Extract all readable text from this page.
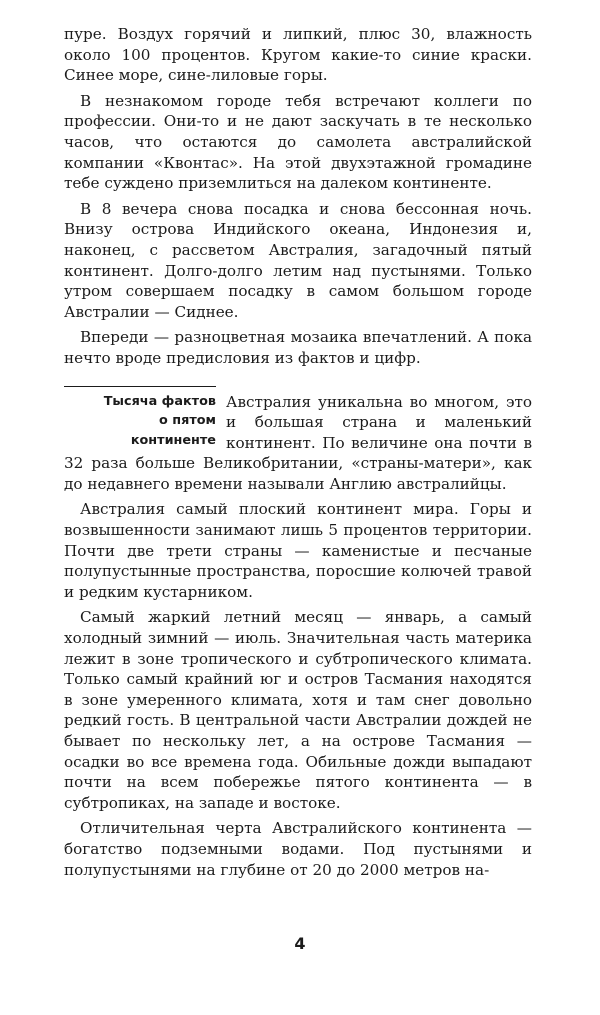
пуре. Воздух горячий и липкий, плюс 30, влажность около 100 процентов. Кругом какие-то синие краски. Синее море, сине-лиловые горы.

В незнакомом городе тебя встречают коллеги по профессии. Они-то и не дают заскучать в те несколько часов, что остаются до самолета австралийской компании «Квонтас». На этой двухэтажной громадине тебе суждено приземлиться на далеком континенте.

В 8 вечера снова посадка и снова бессонная ночь. Внизу острова Индийского океана, Индонезия и, наконец, с рассветом Австралия, загадочный пятый континент. Долго-долго летим над пустынями. Только утром совершаем посадку в самом большом городе Австралии — Сиднее.

Впереди — разноцветная мозаика впечатлений. А пока нечто вроде предисловия из фактов и цифр.

Тысяча фактов
о пятом
континенте

Австралия уникальна во многом, это и большая страна и маленький континент. По величине она почти в 32 раза больше Великобритании, «страны-матери», как до недавнего времени называли Англию австралийцы.

Австралия самый плоский континент мира. Горы и возвышенности занимают лишь 5 процентов территории. Почти две трети страны — каменистые и песчаные полупустынные пространства, поросшие колючей травой и редким кустарником.

Самый жаркий летний месяц — январь, а самый холодный зимний — июль. Значительная часть материка лежит в зоне тропического и субтропического климата. Только самый крайний юг и остров Тасмания находятся в зоне умеренного климата, хотя и там снег довольно редкий гость. В центральной части Австралии дождей не бывает по нескольку лет, а на острове Тасмания — осадки во все времена года. Обильные дожди выпадают почти на всем побережье пятого континента — в субтропиках, на западе и востоке.

Отличительная черта Австралийского континента — богатство подземными водами. Под пустынями и полупустынями на глубине от 20 до 2000 метров на-

4
